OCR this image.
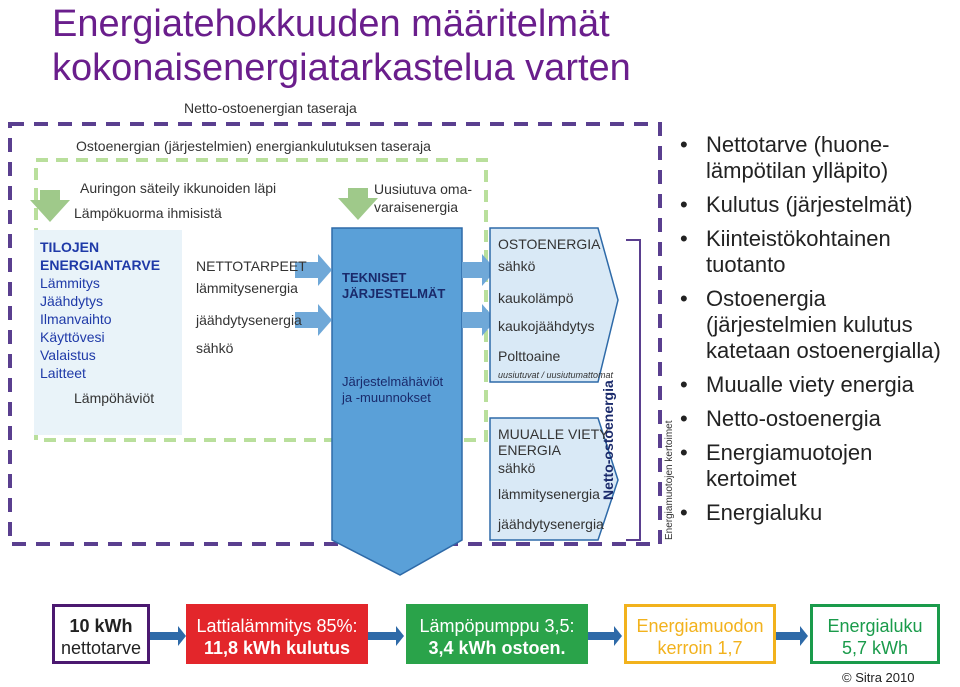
Energiatehokkuuden määritelmät
kokonaisenergiatarkastelua varten
Netto-ostoenergian taseraja
Ostoenergian (järjestelmien) energiankulutuksen taseraja
Auringon säteily ikkunoiden läpi
Lämpökuorma ihmisistä
Uusiutuva oma-
varaisenergia
TILOJEN
ENERGIANTARVE
Lämmitys
Jäähdytys
Ilmanvaihto
Käyttövesi
Valaistus
Laitteet
Lämpöhäviöt
NETTOTARPEET
lämmitysenergia
jäähdytysenergia
sähkö
TEKNISET
JÄRJESTELMÄT
Järjestelmähäviöt
ja -muunnokset
OSTOENERGIA
sähkö
kaukolämpö
kaukojäähdytys
Polttoaine
uusiutuvat / uusiutumattomat
MUUALLE VIETY ENERGIA
sähkö
lämmitysenergia
jäähdytysenergia
Netto-ostoenergia	Energiamuotojen kertoimet
• Nettotarve (huone-lämpötilan ylläpito)
• Kulutus (järjestelmät)
• Kiinteistökohtainen tuotanto
• Ostoenergia (järjestelmien kulutus katetaan ostoenergialla)
• Muualle viety energia
• Netto-ostoenergia
• Energiamuotojen kertoimet
• Energialuku
10 kWh
nettotarve
Lattialämmitys 85%:
11,8 kWh kulutus
Lämpöpumppu 3,5:
3,4 kWh ostoen.
Energiamuodon
kerroin 1,7
Energialuku
5,7 kWh
© Sitra 2010
